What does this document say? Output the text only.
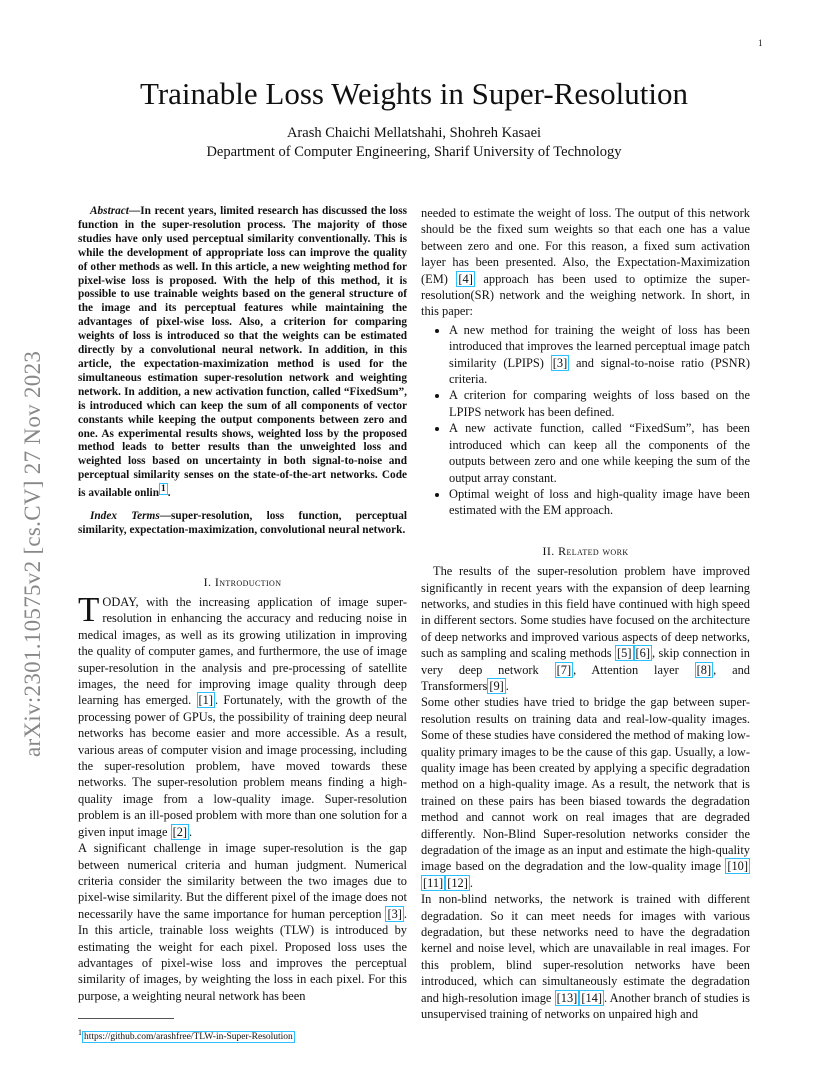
1
arXiv:2301.10575v2 [cs.CV] 27 Nov 2023
Trainable Loss Weights in Super-Resolution
Arash Chaichi Mellatshahi, Shohreh Kasaei
Department of Computer Engineering, Sharif University of Technology

Abstract—In recent years, limited research has discussed the loss function in the super-resolution process. The majority of those studies have only used perceptual similarity conventionally. This is while the development of appropriate loss can improve the quality of other methods as well. In this article, a new weighting method for pixel-wise loss is proposed. With the help of this method, it is possible to use trainable weights based on the general structure of the image and its perceptual features while maintaining the advantages of pixel-wise loss. Also, a criterion for comparing weights of loss is introduced so that the weights can be estimated directly by a convolutional neural network. In addition, in this article, the expectation-maximization method is used for the simultaneous estimation super-resolution network and weighting network. In addition, a new activation function, called “FixedSum”, is introduced which can keep the sum of all components of vector constants while keeping the output components between zero and one. As experimental results shows, weighted loss by the proposed method leads to better results than the unweighted loss and weighted loss based on uncertainty in both signal-to-noise and perceptual similarity senses on the state-of-the-art networks. Code is available onlin $^1$ .

Index Terms—super-resolution, loss function, perceptual similarity, expectation-maximization, convolutional neural network.

I. Introduction

TODAY, with the increasing application of image super-resolution in enhancing the accuracy and reducing noise in medical images, as well as its growing utilization in improving the quality of computer games, and furthermore, the use of image super-resolution in the analysis and pre-processing of satellite images, the need for improving image quality through deep learning has emerged. [1] . Fortunately, with the growth of the processing power of GPUs, the possibility of training deep neural networks has become easier and more accessible. As a result, various areas of computer vision and image processing, including the super-resolution problem, have moved towards these networks. The super-resolution problem means finding a high-quality image from a low-quality image. Super-resolution problem is an ill-posed problem with more than one solution for a given input image [2] .

A significant challenge in image super-resolution is the gap between numerical criteria and human judgment. Numerical criteria consider the similarity between the two images due to pixel-wise similarity. But the different pixel of the image does not necessarily have the same importance for human perception [3] . In this article, trainable loss weights (TLW) is introduced by estimating the weight for each pixel. Proposed loss uses the advantages of pixel-wise loss and improves the perceptual similarity of images, by weighting the loss in each pixel. For this purpose, a weighting neural network has been

needed to estimate the weight of loss. The output of this network should be the fixed sum weights so that each one has a value between zero and one. For this reason, a fixed sum activation layer has been presented. Also, the Expectation-Maximization (EM) [4] approach has been used to optimize the super-resolution(SR) network and the weighing network. In short, in this paper:

• A new method for training the weight of loss has been introduced that improves the learned perceptual image patch similarity (LPIPS) [3] and signal-to-noise ratio (PSNR) criteria.
• A criterion for comparing weights of loss based on the LPIPS network has been defined.
• A new activate function, called “FixedSum”, has been introduced which can keep all the components of the outputs between zero and one while keeping the sum of the output array constant.
• Optimal weight of loss and high-quality image have been estimated with the EM approach.

II. Related work

The results of the super-resolution problem have improved significantly in recent years with the expansion of deep learning networks, and studies in this field have continued with high speed in different sectors. Some studies have focused on the architecture of deep networks and improved various aspects of deep networks, such as sampling and scaling methods [5] [6] , skip connection in very deep network [7] , Attention layer [8] , and Transformers [9] .

Some other studies have tried to bridge the gap between super-resolution results on training data and real-low-quality images. Some of these studies have considered the method of making low-quality primary images to be the cause of this gap. Usually, a low-quality image has been created by applying a specific degradation method on a high-quality image. As a result, the network that is trained on these pairs has been biased towards the degradation method and cannot work on real images that are degraded differently. Non-Blind Super-resolution networks consider the degradation of the image as an input and estimate the high-quality image based on the degradation and the low-quality image [10][11] [12] .

In non-blind networks, the network is trained with different degradation. So it can meet needs for images with various degradation, but these networks need to have the degradation kernel and noise level, which are unavailable in real images. For this problem, blind super-resolution networks have been introduced, which can simultaneously estimate the degradation and high-resolution image [13] [14] . Another branch of studies is unsupervised training of networks on unpaired high and

$^1$ https://github.com/arashfree/TLW-in-Super-Resolution
